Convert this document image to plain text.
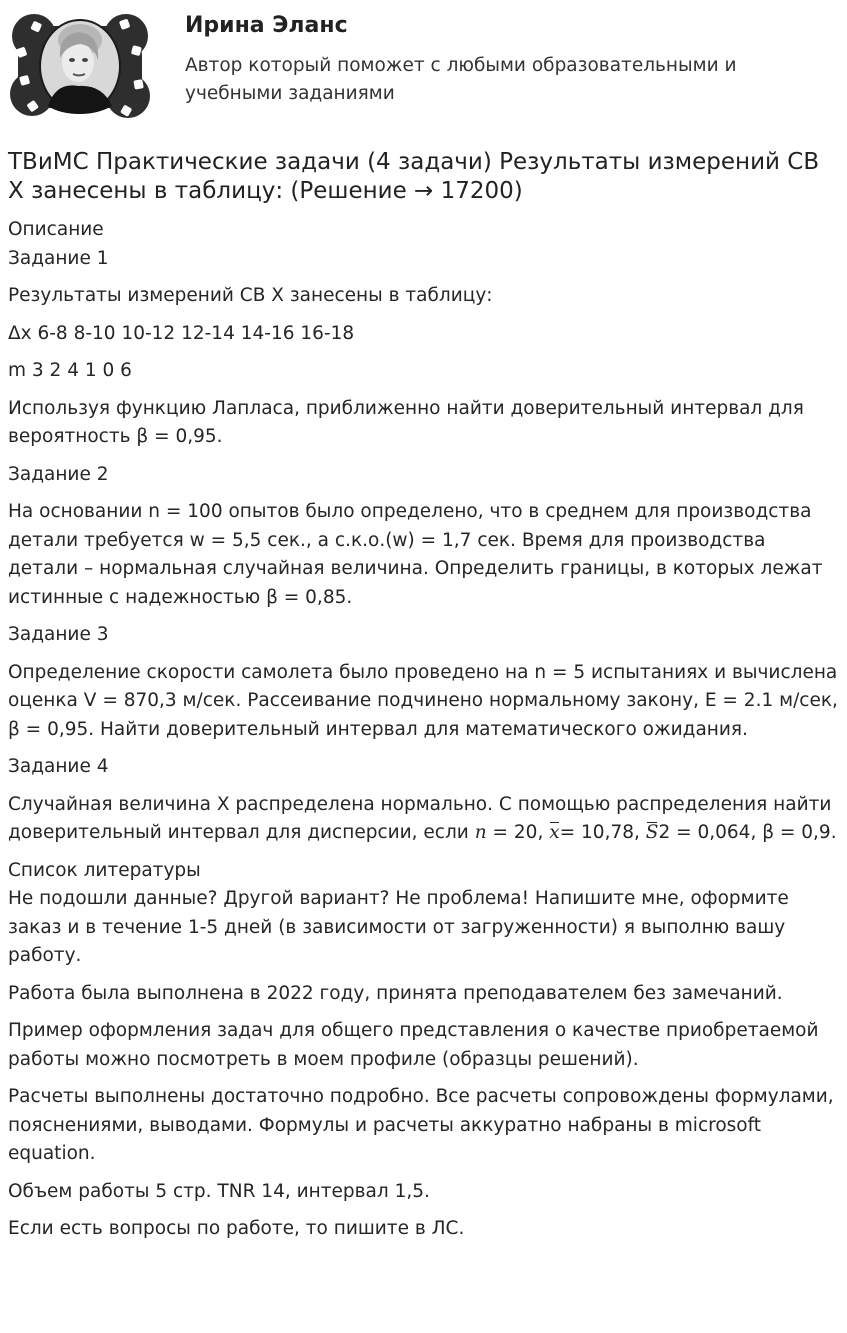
Ирина Эланс
Автор который поможет с любыми образовательными и учебными заданиями
ТВиМС Практические задачи (4 задачи) Результаты измерений СВ Х занесены в таблицу: (Решение → 17200)
Описание
Задание 1
Результаты измерений СВ Х занесены в таблицу:
Δх 6-8 8-10 10-12 12-14 14-16 16-18
m 3 2 4 1 0 6
Используя функцию Лапласа, приближенно найти доверительный интервал для вероятность β = 0,95.
Задание 2
На основании n = 100 опытов было определено, что в среднем для производства детали требуется w = 5,5 сек., а с.к.о.(w) = 1,7 сек. Время для производства детали – нормальная случайная величина. Определить границы, в которых лежат истинные с надежностью β = 0,85.
Задание 3
Определение скорости самолета было проведено на n = 5 испытаниях и вычислена оценка V = 870,3 м/сек. Рассеивание подчинено нормальному закону, Е = 2.1 м/сек, β = 0,95. Найти доверительный интервал для математического ожидания.
Задание 4
Случайная величина Х распределена нормально. С помощью распределения найти доверительный интервал для дисперсии, если n = 20, x= 10,78, S2 = 0,064, β = 0,9.
Список литературы
Не подошли данные? Другой вариант? Не проблема! Напишите мне, оформите заказ и в течение 1-5 дней (в зависимости от загруженности) я выполню вашу работу.
Работа была выполнена в 2022 году, принята преподавателем без замечаний.
Пример оформления задач для общего представления о качестве приобретаемой работы можно посмотреть в моем профиле (образцы решений).
Расчеты выполнены достаточно подробно. Все расчеты сопровождены формулами, пояснениями, выводами. Формулы и расчеты аккуратно набраны в microsoft equation.
Объем работы 5 стр. TNR 14, интервал 1,5.
Если есть вопросы по работе, то пишите в ЛС.
